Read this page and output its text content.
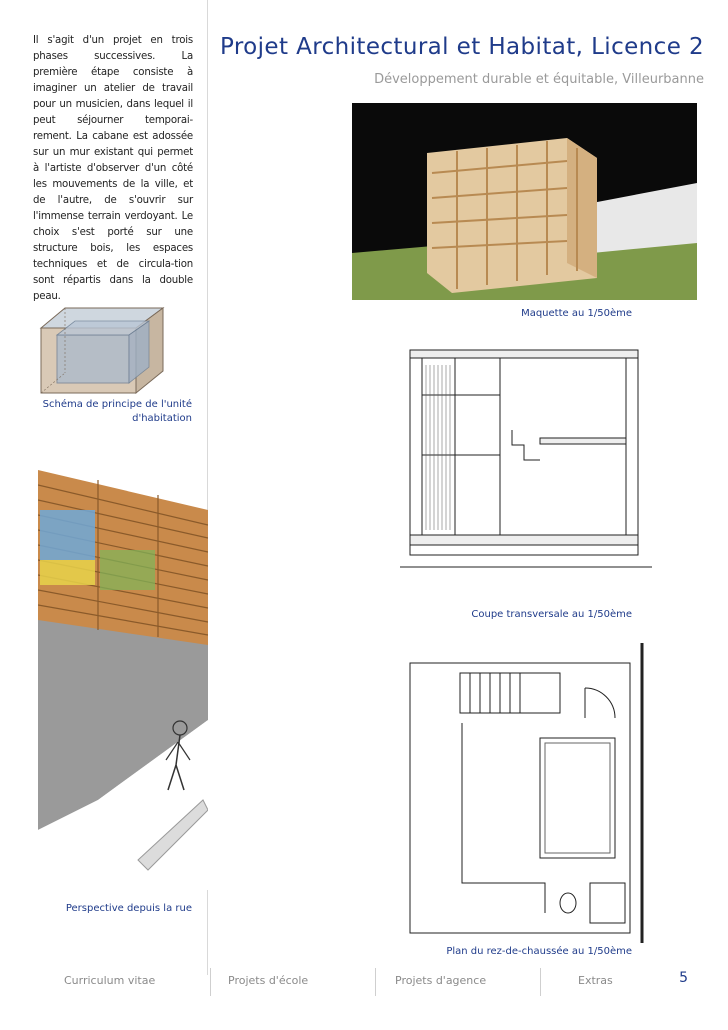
Il s'agit d'un projet en trois phases successives. La première étape consiste à imaginer un atelier de travail pour un musicien, dans lequel il peut séjourner temporai-rement. La cabane est adossée sur un mur existant qui permet à l'artiste d'observer d'un côté les mouvements de la ville, et de l'autre, de s'ouvrir sur l'immense terrain verdoyant. Le choix s'est porté sur une structure bois, les espaces techniques et de circula-tion sont répartis dans la double peau.
Projet Architectural et Habitat, Licence 2
Développement durable et équitable, Villeurbanne
Schéma de principe de l'unité d'habitation
Perspective depuis la rue
Maquette au 1/50ème
Coupe transversale au 1/50ème
Plan du rez-de-chaussée au 1/50ème
Curriculum vitae	Projets d'école	Projets d'agence	Extras	5
